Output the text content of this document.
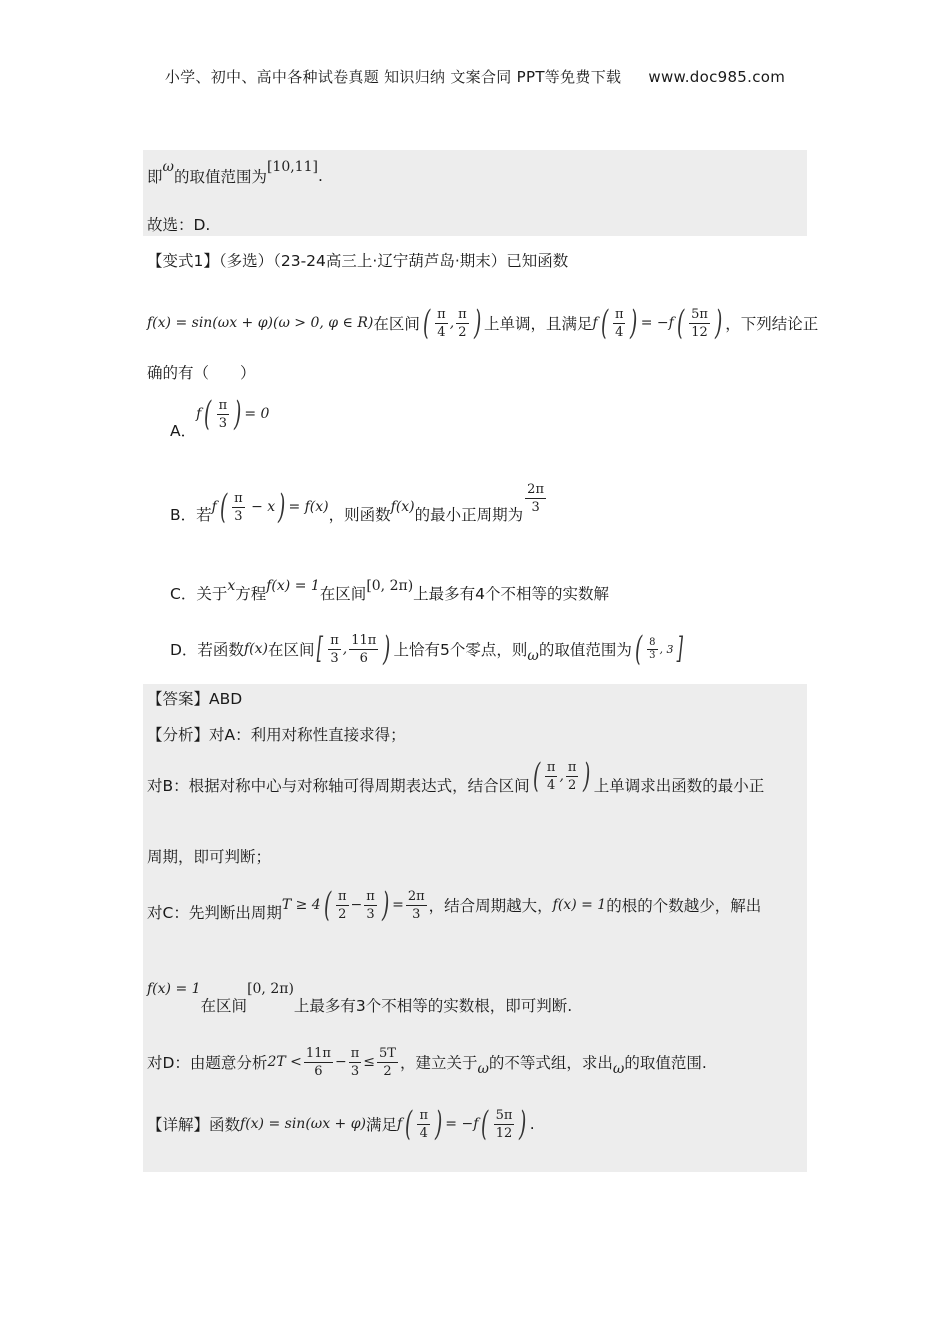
小学、初中、高中各种试卷真题 知识归纳 文案合同 PPT等免费下载 www.doc985.com
即
ω
的取值范围为
[10,11] .
故选：D.
【变式1】（多选）（23-24高三上·辽宁葫芦岛·期末）已知函数
f(x) = sin(ωx + φ)(ω > 0, φ ∈ R) 在区间 ( $\frac{\pi}{4}$ , $\frac{\pi}{2}$ ) 上单调，且满足 f ( $\frac{\pi}{4}$ ) = −f ( $\frac{5\pi}{12}$ ) ，下列结论正
确的有（　　）
A．
f ( $\frac{\pi}{3}$ ) = 0
B．若 f ( $\frac{\pi}{3}$
− x ) = f(x) ，则函数 f(x) 的最小正周期为 $\frac{2\pi}{3}$
C．关于 x 方程 f(x) = 1 在区间 [0, 2π) 上最多有4个不相等的实数解
D．若函数 f(x) 在区间 [ $\frac{\pi}{3}$ , $\frac{11\pi}{6}$ ) 上恰有5个零点，则 ω 的取值范围为 ( $\frac{8}{3}$ , 3 ]
【答案】ABD
【分析】对A：利用对称性直接求得；
对B：根据对称中心与对称轴可得周期表达式，结合区间 ( $\frac{\pi}{4}$ , $\frac{\pi}{2}$ ) 上单调求出函数的最小正
周期，即可判断；
对C：先判断出周期 T ≥ 4 ( $\frac{\pi}{2} - \frac{\pi}{3}$ ) = $\frac{2\pi}{3}$ ，结合周期越大， f(x) = 1 的根的个数越少，解出
f(x) = 1
在区间
[0, 2π)
上最多有3个不相等的实数根，即可判断.
对D：由题意分析 $2T < \frac{11\pi}{6} - \frac{\pi}{3} \le \frac{5T}{2}$ ，建立关于 ω 的不等式组，求出 ω 的取值范围.
【详解】函数 f(x) = sin(ωx + φ) 满足 f ( $\frac{\pi}{4}$ ) = −f ( $\frac{5\pi}{12}$ ) .
